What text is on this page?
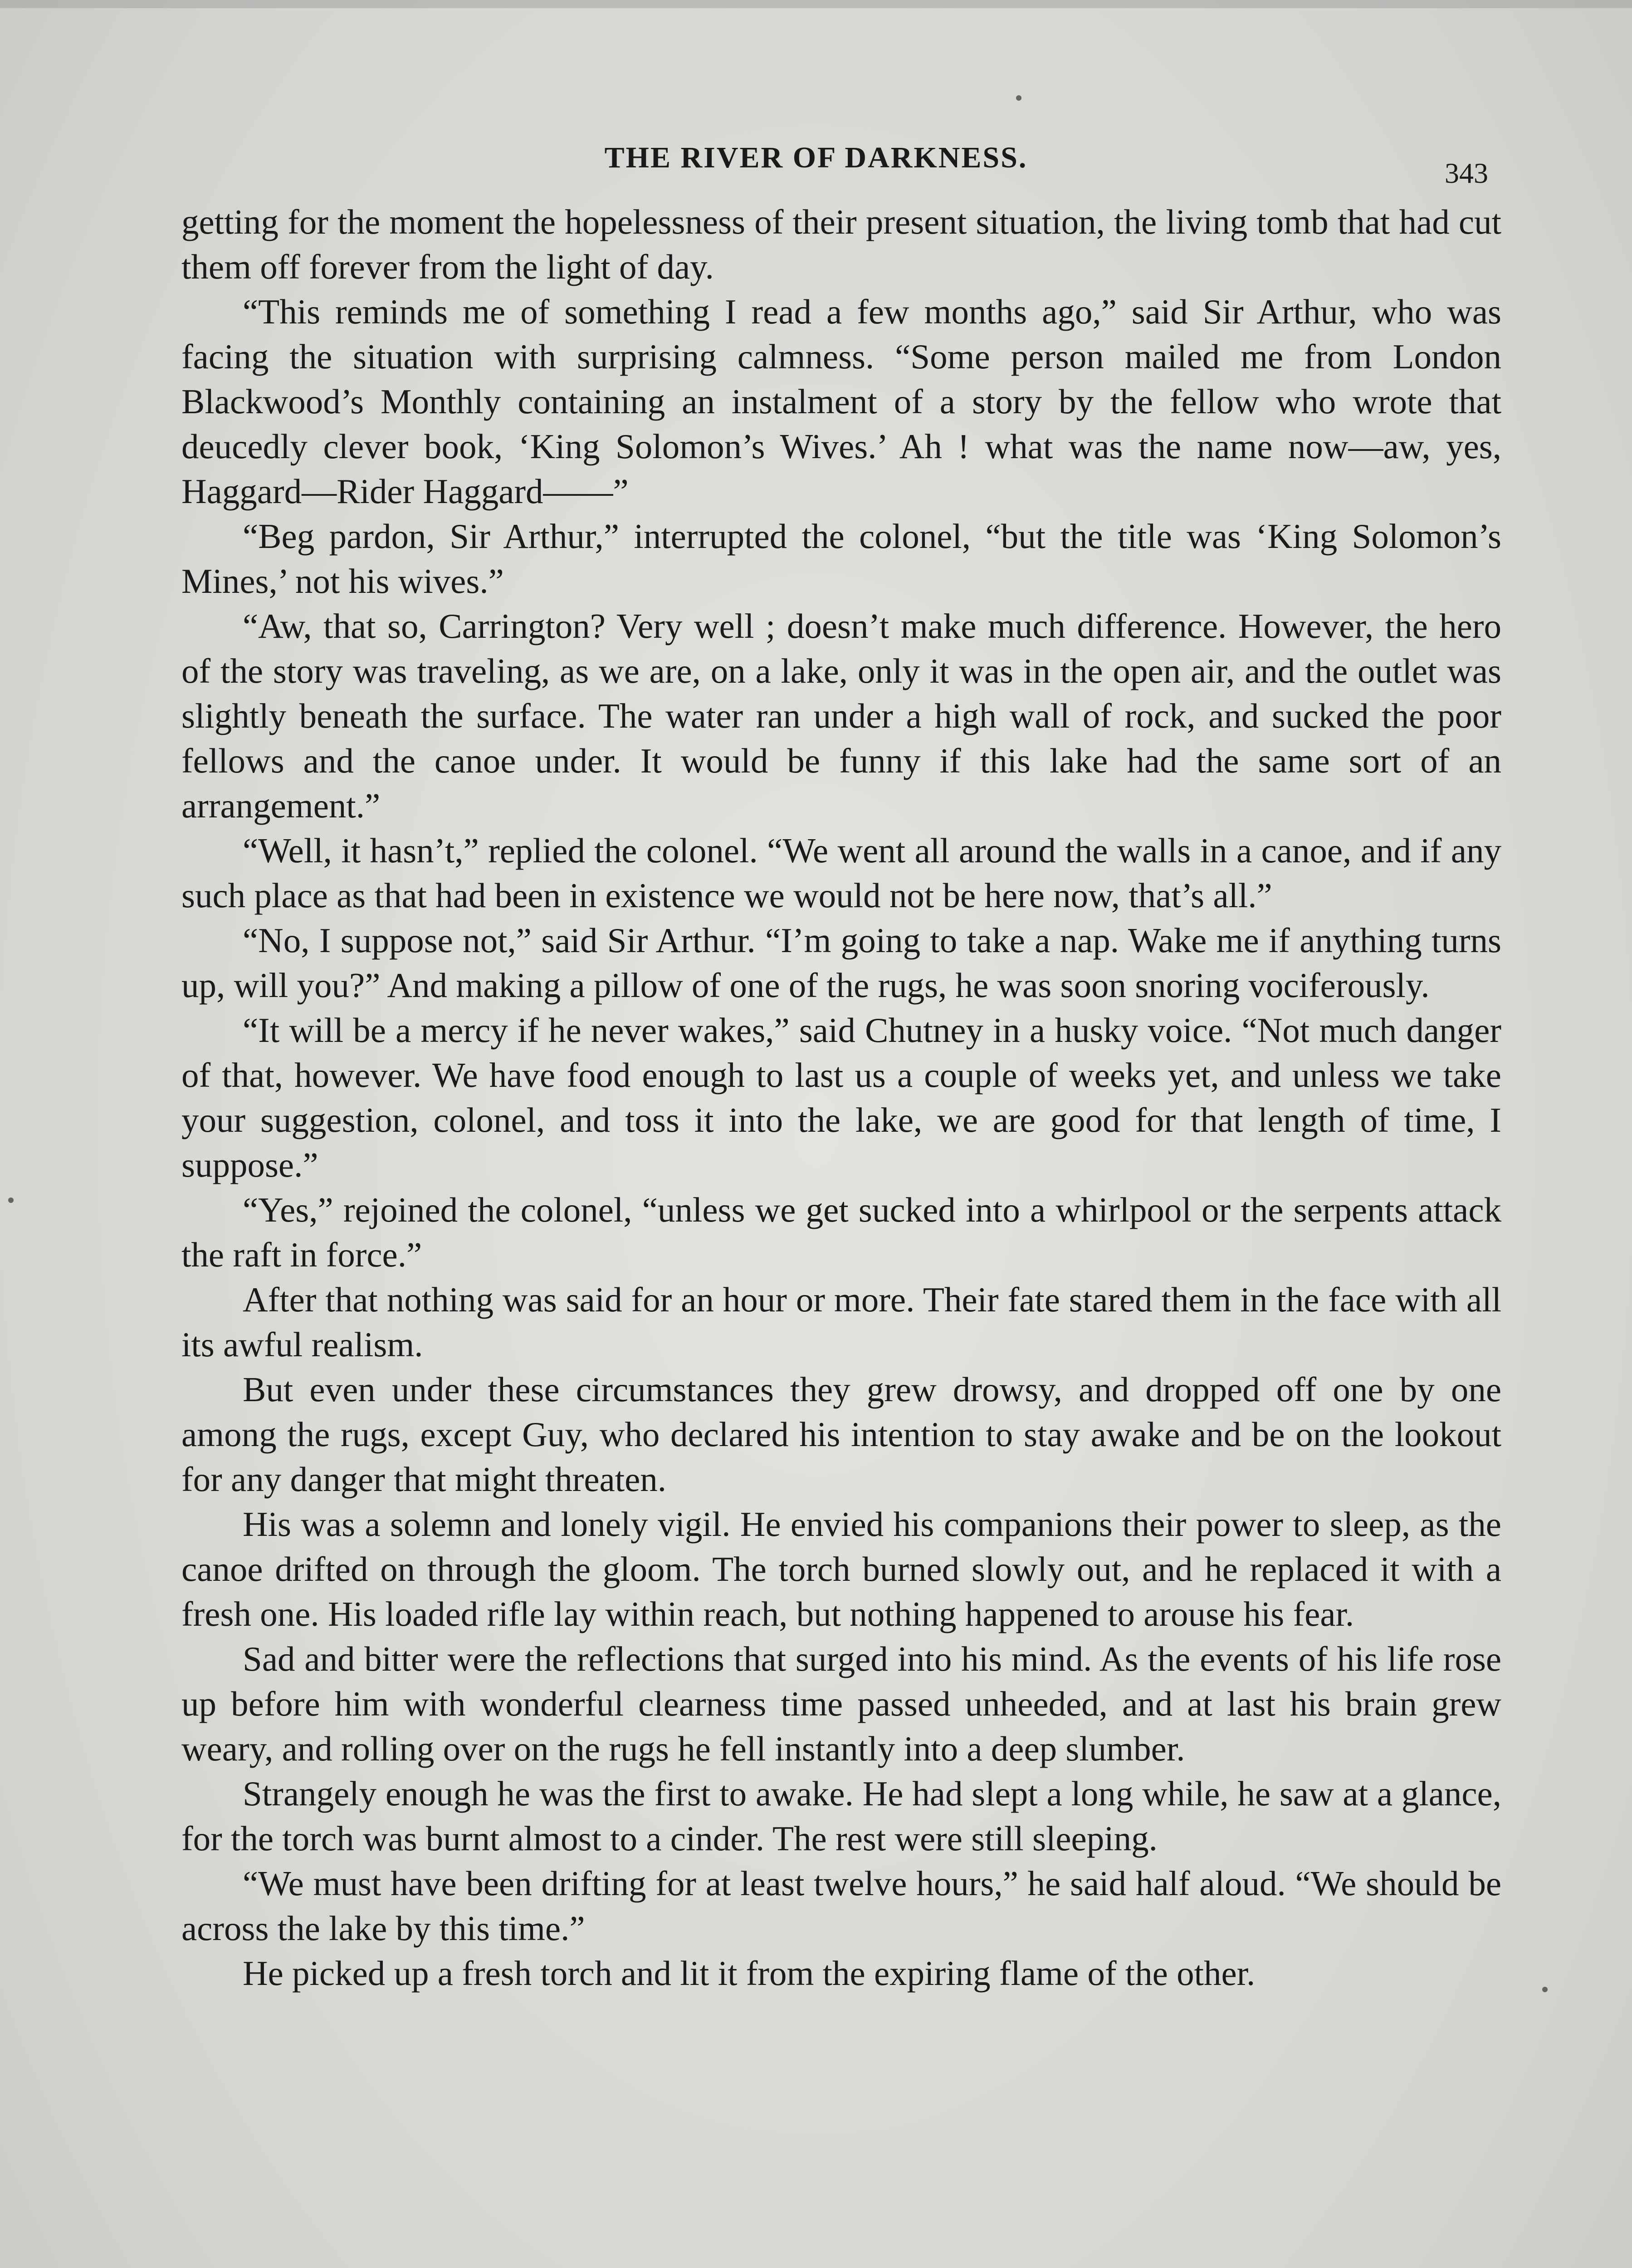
THE RIVER OF DARKNESS.	343

getting for the moment the hopelessness of their present situation, the living tomb that had cut them off forever from the light of day.

“This reminds me of something I read a few months ago,” said Sir Arthur, who was facing the situation with surprising calmness. “Some person mailed me from London Blackwood’s Monthly containing an instalment of a story by the fellow who wrote that deucedly clever book, ‘King Solomon’s Wives.’ Ah ! what was the name now—aw, yes, Haggard—Rider Haggard——”

“Beg pardon, Sir Arthur,” interrupted the colonel, “but the title was ‘King Solomon’s Mines,’ not his wives.”

“Aw, that so, Carrington? Very well ; doesn’t make much difference. However, the hero of the story was traveling, as we are, on a lake, only it was in the open air, and the outlet was slightly beneath the surface. The water ran under a high wall of rock, and sucked the poor fellows and the canoe under. It would be funny if this lake had the same sort of an arrangement.”

“Well, it hasn’t,” replied the colonel. “We went all around the walls in a canoe, and if any such place as that had been in existence we would not be here now, that’s all.”

“No, I suppose not,” said Sir Arthur. “I’m going to take a nap. Wake me if anything turns up, will you?” And making a pillow of one of the rugs, he was soon snoring vociferously.

“It will be a mercy if he never wakes,” said Chutney in a husky voice. “Not much danger of that, however. We have food enough to last us a couple of weeks yet, and unless we take your suggestion, colonel, and toss it into the lake, we are good for that length of time, I suppose.”

“Yes,” rejoined the colonel, “unless we get sucked into a whirlpool or the serpents attack the raft in force.”

After that nothing was said for an hour or more. Their fate stared them in the face with all its awful realism.

But even under these circumstances they grew drowsy, and dropped off one by one among the rugs, except Guy, who declared his intention to stay awake and be on the lookout for any danger that might threaten.

His was a solemn and lonely vigil. He envied his companions their power to sleep, as the canoe drifted on through the gloom. The torch burned slowly out, and he replaced it with a fresh one. His loaded rifle lay within reach, but nothing happened to arouse his fear.

Sad and bitter were the reflections that surged into his mind. As the events of his life rose up before him with wonderful clearness time passed unheeded, and at last his brain grew weary, and rolling over on the rugs he fell instantly into a deep slumber.

Strangely enough he was the first to awake. He had slept a long while, he saw at a glance, for the torch was burnt almost to a cinder. The rest were still sleeping.

“We must have been drifting for at least twelve hours,” he said half aloud. “We should be across the lake by this time.”

He picked up a fresh torch and lit it from the expiring flame of the other.
